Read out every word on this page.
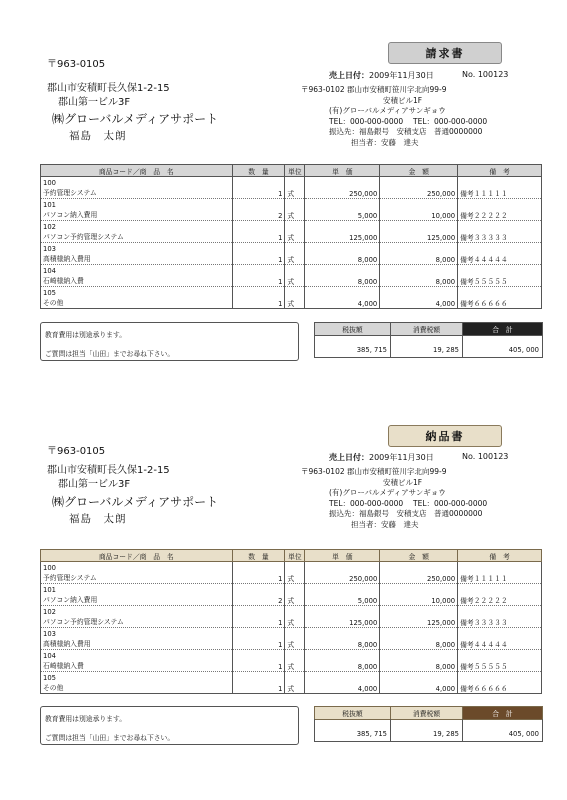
〒963-0105
郡山市安積町長久保1-2-15
郡山第一ビル3F
㈱グローバルメディアサポート
福島　太朗
請求書
売上日付：2009年11月30日	No. 100123
〒963-0102 郡山市安積町笹川字北向99-9
安積ビル1F
(有)グローバルメディアサンギョウ
TEL：000-000-0000　 TEL：000-000-0000
振込先：福島銀号　安積支店　普通0000000
担当者：安藤　達夫
商品コード／商　品　名	数　量	単位	単　価	金　額	備　考

100
予約管理システム	1	式	250,000	250,000	備考１１１１１

101
パソコン納入費用	2	式	5,000	10,000	備考２２２２２

102
パソコン予約管理システム	1	式	125,000	125,000	備考３３３３３

103
高積様納入費用	1	式	8,000	8,000	備考４４４４４

104
石崎様納入費	1	式	8,000	8,000	備考５５５５５

105
その他	1	式	4,000	4,000	備考６６６６６
教育費用は別途承ります。
ご質問は担当「山田」までお尋ね下さい。
税抜額	消費税額	合　計
385, 715	19, 285	405, 000
〒963-0105
郡山市安積町長久保1-2-15
郡山第一ビル3F
㈱グローバルメディアサポート
福島　太朗
納品書
売上日付：2009年11月30日	No. 100123
〒963-0102 郡山市安積町笹川字北向99-9
安積ビル1F
(有)グローバルメディアサンギョウ
TEL：000-000-0000　 TEL：000-000-0000
振込先：福島銀号　安積支店　普通0000000
担当者：安藤　達夫
商品コード／商　品　名	数　量	単位	単　価	金　額	備　考

100
予約管理システム	1	式	250,000	250,000	備考１１１１１

101
パソコン納入費用	2	式	5,000	10,000	備考２２２２２

102
パソコン予約管理システム	1	式	125,000	125,000	備考３３３３３

103
高積様納入費用	1	式	8,000	8,000	備考４４４４４

104
石崎様納入費	1	式	8,000	8,000	備考５５５５５

105
その他	1	式	4,000	4,000	備考６６６６６
教育費用は別途承ります。
ご質問は担当「山田」までお尋ね下さい。
税抜額	消費税額	合　計
385, 715	19, 285	405, 000
